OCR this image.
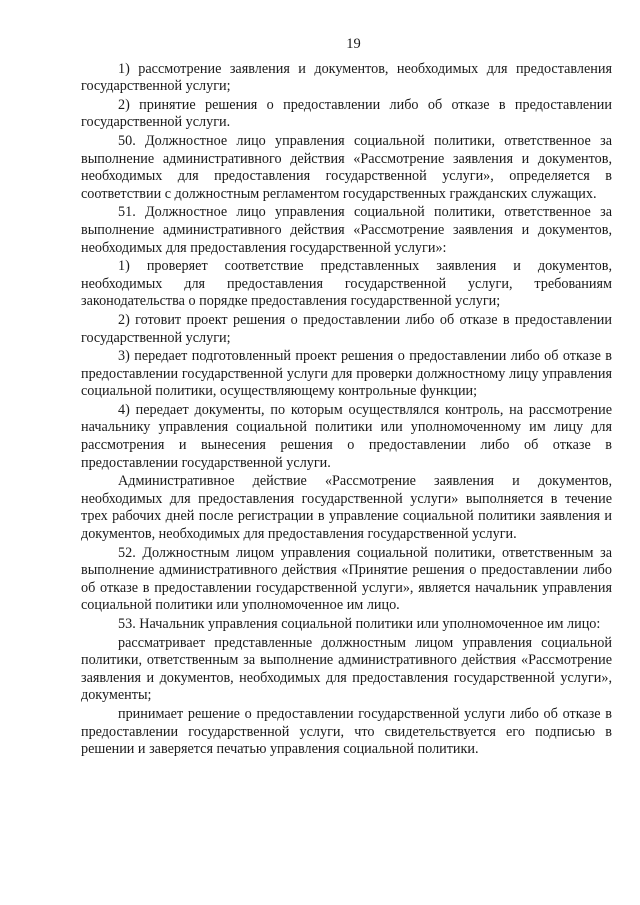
19

1) рассмотрение заявления и документов, необходимых для предоставления государственной услуги;

2) принятие решения о предоставлении либо об отказе в предоставлении государственной услуги.

50. Должностное лицо управления социальной политики, ответственное за выполнение административного действия «Рассмотрение заявления и документов, необходимых для предоставления государственной услуги», определяется в соответствии с должностным регламентом государственных гражданских служащих.

51. Должностное лицо управления социальной политики, ответственное за выполнение административного действия «Рассмотрение заявления и документов, необходимых для предоставления государственной услуги»:

1) проверяет соответствие представленных заявления и документов, необходимых для предоставления государственной услуги, требованиям законодательства о порядке предоставления государственной услуги;

2) готовит проект решения о предоставлении либо об отказе в предоставлении государственной услуги;

3) передает подготовленный проект решения о предоставлении либо об отказе в предоставлении государственной услуги для проверки должностному лицу управления социальной политики, осуществляющему контрольные функции;

4) передает документы, по которым осуществлялся контроль, на рассмотрение начальнику управления социальной политики или уполномоченному им лицу для рассмотрения и вынесения решения о предоставлении либо об отказе в предоставлении государственной услуги.

Административное действие «Рассмотрение заявления и документов, необходимых для предоставления государственной услуги» выполняется в течение трех рабочих дней после регистрации в управление социальной политики заявления и документов, необходимых для предоставления государственной услуги.

52. Должностным лицом управления социальной политики, ответственным за выполнение административного действия «Принятие решения о предоставлении либо об отказе в предоставлении государственной услуги», является начальник управления социальной политики или уполномоченное им лицо.

53. Начальник управления социальной политики или уполномоченное им лицо:

рассматривает представленные должностным лицом управления социальной политики, ответственным за выполнение административного действия «Рассмотрение заявления и документов, необходимых для предоставления государственной услуги», документы;

принимает решение о предоставлении государственной услуги либо об отказе в предоставлении государственной услуги, что свидетельствуется его подписью в решении и заверяется печатью управления социальной политики.
